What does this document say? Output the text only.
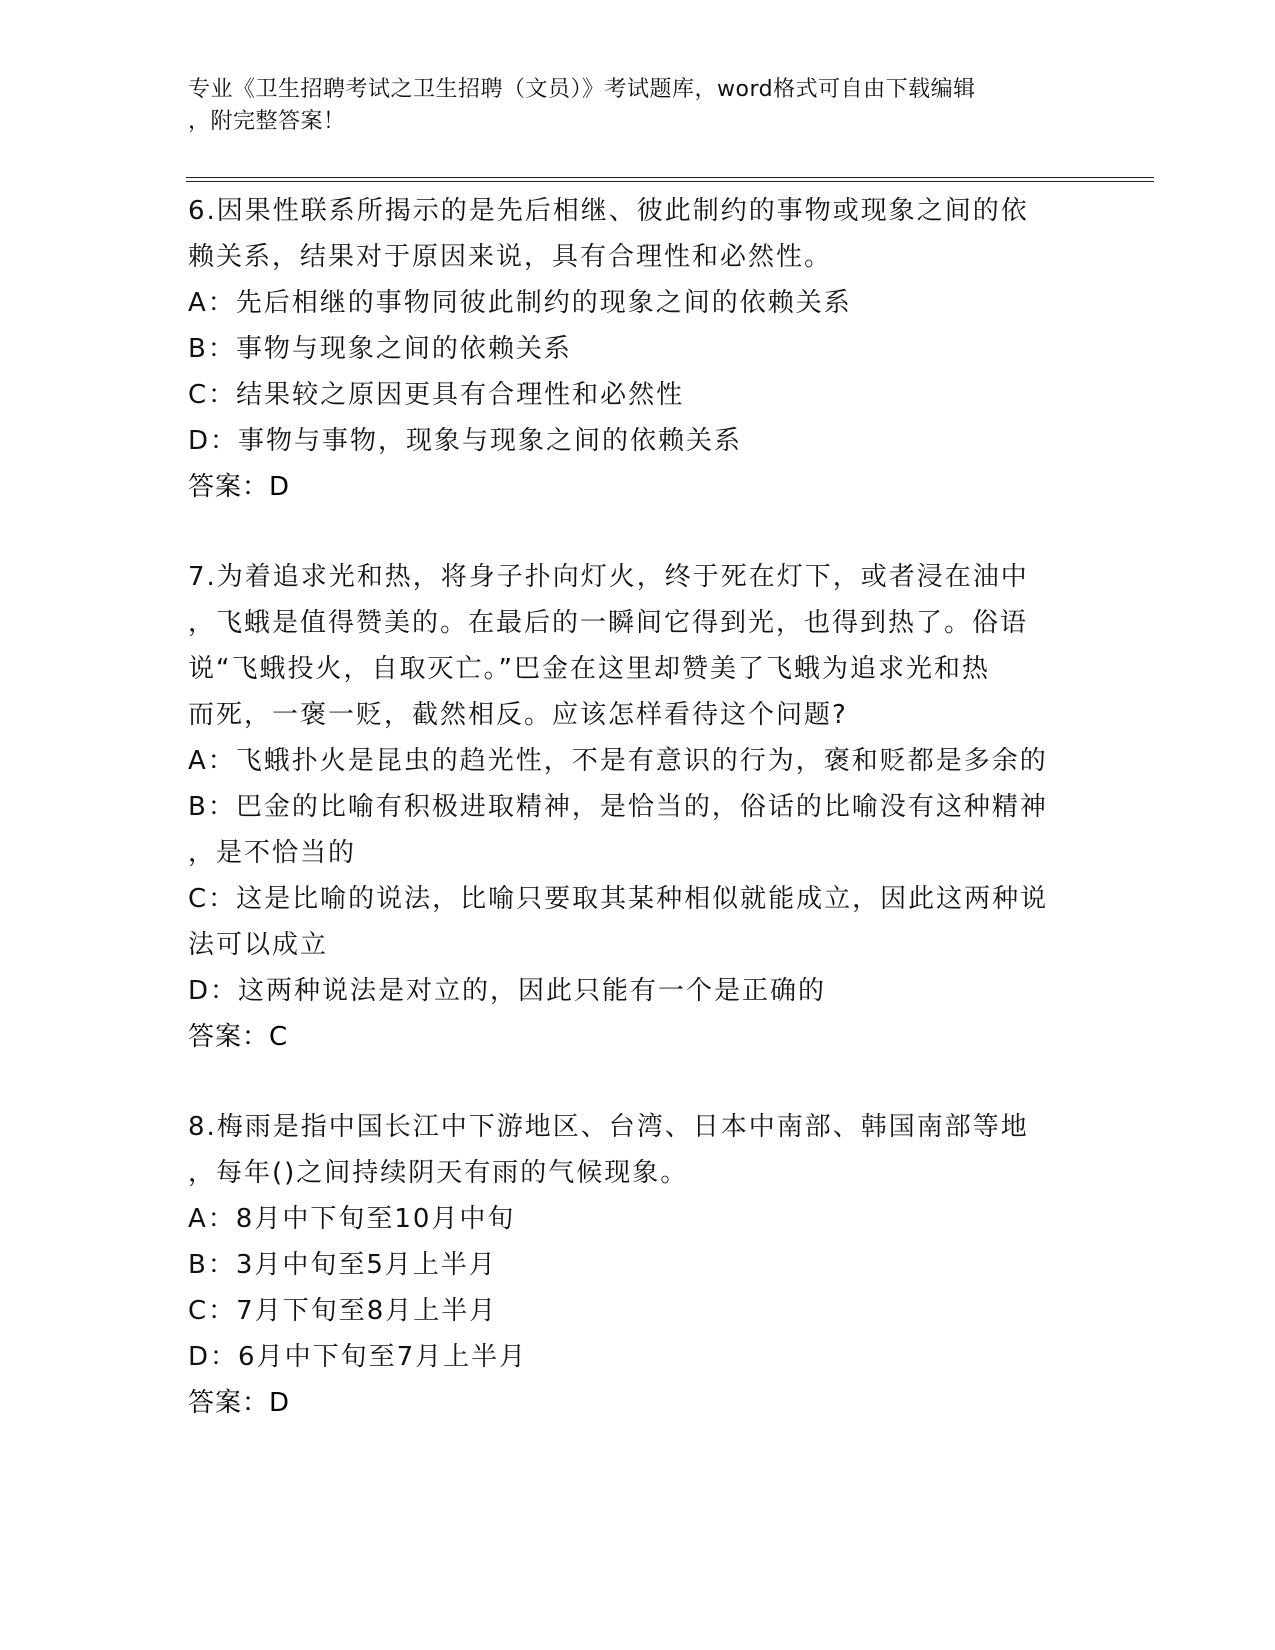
专业《卫生招聘考试之卫生招聘（文员）》考试题库，word格式可自由下载编辑
，附完整答案！
6.因果性联系所揭示的是先后相继、彼此制约的事物或现象之间的依
赖关系，结果对于原因来说，具有合理性和必然性。
A：先后相继的事物同彼此制约的现象之间的依赖关系
B：事物与现象之间的依赖关系
C：结果较之原因更具有合理性和必然性
D：事物与事物，现象与现象之间的依赖关系
答案：D
7.为着追求光和热，将身子扑向灯火，终于死在灯下，或者浸在油中
，飞蛾是值得赞美的。在最后的一瞬间它得到光，也得到热了。俗语
说“飞蛾投火，自取灭亡。”巴金在这里却赞美了飞蛾为追求光和热
而死，一褒一贬，截然相反。应该怎样看待这个问题?
A：飞蛾扑火是昆虫的趋光性，不是有意识的行为，褒和贬都是多余的
B：巴金的比喻有积极进取精神，是恰当的，俗话的比喻没有这种精神
，是不恰当的
C：这是比喻的说法，比喻只要取其某种相似就能成立，因此这两种说
法可以成立
D：这两种说法是对立的，因此只能有一个是正确的
答案：C
8.梅雨是指中国长江中下游地区、台湾、日本中南部、韩国南部等地
，每年()之间持续阴天有雨的气候现象。
A：8月中下旬至10月中旬
B：3月中旬至5月上半月
C：7月下旬至8月上半月
D：6月中下旬至7月上半月
答案：D
